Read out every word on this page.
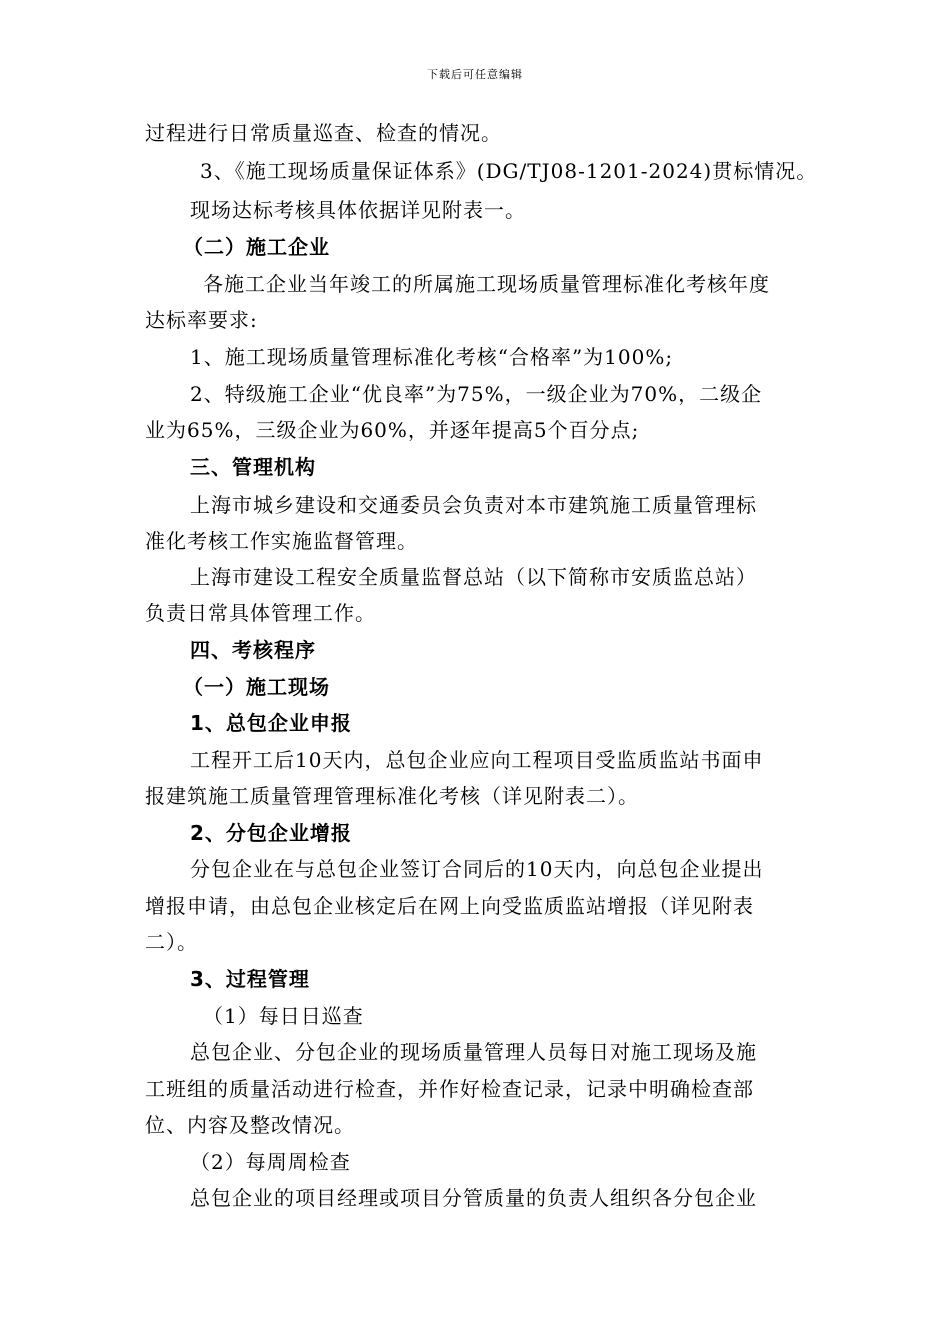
下载后可任意编辑
过程进行日常质量巡查、检查的情况。
3、《施工现场质量保证体系》(DG/TJ08-1201-2024)贯标情况。
现场达标考核具体依据详见附表一。
（二）施工企业
各施工企业当年竣工的所属施工现场质量管理标准化考核年度
达标率要求:
1、施工现场质量管理标准化考核“合格率”为100%;
2、特级施工企业“优良率”为75%，一级企业为70%，二级企
业为65%，三级企业为60%，并逐年提高5个百分点;
三、管理机构
上海市城乡建设和交通委员会负责对本市建筑施工质量管理标
准化考核工作实施监督管理。
上海市建设工程安全质量监督总站（以下简称市安质监总站）
负责日常具体管理工作。
四、考核程序
（一）施工现场
1、总包企业申报
工程开工后10天内，总包企业应向工程项目受监质监站书面申
报建筑施工质量管理管理标准化考核（详见附表二）。
2、分包企业增报
分包企业在与总包企业签订合同后的10天内，向总包企业提出
增报申请，由总包企业核定后在网上向受监质监站增报（详见附表
二）。
3、过程管理
（1）每日日巡查
总包企业、分包企业的现场质量管理人员每日对施工现场及施
工班组的质量活动进行检查，并作好检查记录，记录中明确检查部
位、内容及整改情况。
（2）每周周检查
总包企业的项目经理或项目分管质量的负责人组织各分包企业
